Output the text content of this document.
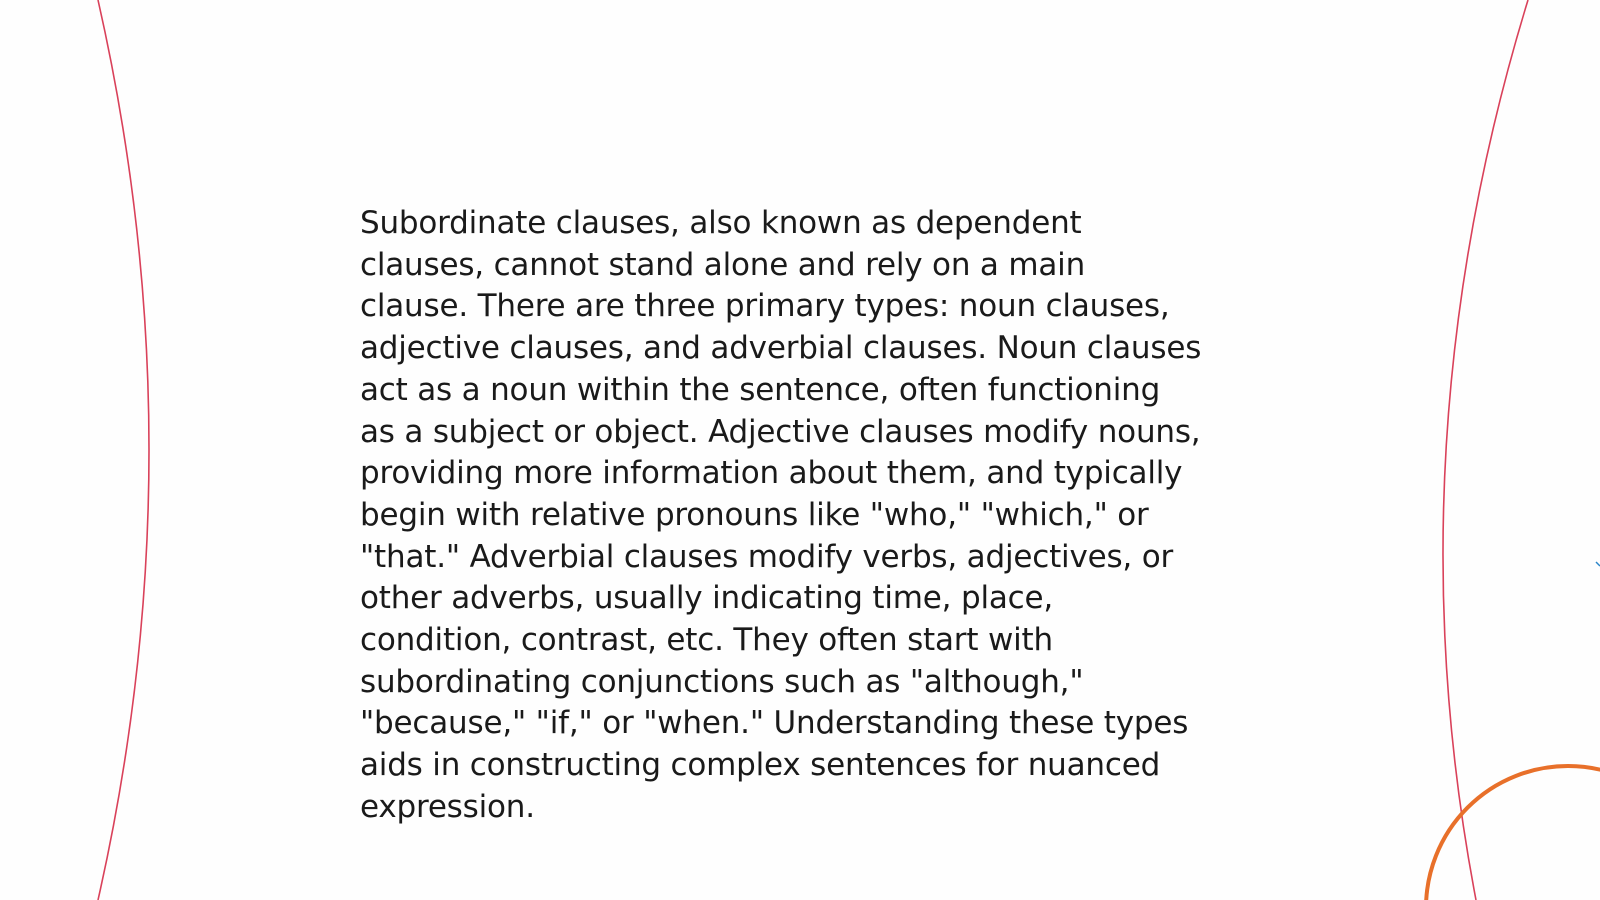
Subordinate clauses, also known as dependent
clauses, cannot stand alone and rely on a main
clause. There are three primary types: noun clauses,
adjective clauses, and adverbial clauses. Noun clauses
act as a noun within the sentence, often functioning
as a subject or object. Adjective clauses modify nouns,
providing more information about them, and typically
begin with relative pronouns like "who," "which," or
"that." Adverbial clauses modify verbs, adjectives, or
other adverbs, usually indicating time, place,
condition, contrast, etc. They often start with
subordinating conjunctions such as "although,"
"because," "if," or "when." Understanding these types
aids in constructing complex sentences for nuanced
expression.
